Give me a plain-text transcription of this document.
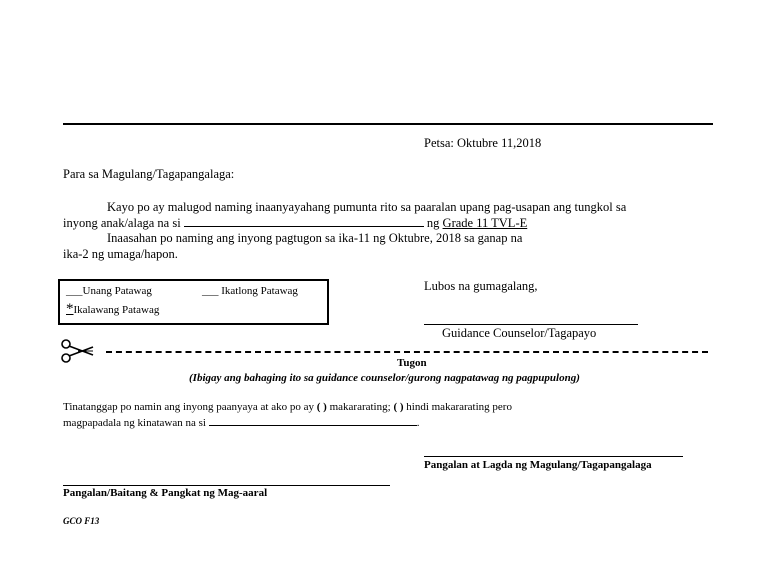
Petsa: Oktubre 11,2018
Para sa Magulang/Tagapangalaga:
Kayo po ay malugod naming inaanyayahang pumunta rito sa paaralan upang pag-usapan ang tungkol sa
inyong anak/alaga na si	ng Grade 11 TVL-E
Inaasahan po naming ang inyong pagtugon sa ika-11 ng Oktubre, 2018 sa ganap na
ika-2 ng umaga/hapon.
___Unang Patawag	___ Ikatlong Patawag
*Ikalawang Patawag
Lubos na gumagalang,
Guidance Counselor/Tagapayo
Tugon
(Ibigay ang bahaging ito sa guidance counselor/gurong nagpatawag ng pagpupulong)
Tinatanggap po namin ang inyong paanyaya at ako po ay ( ) makararating; ( ) hindi makararating pero
magpapadala ng kinatawan na si	.
Pangalan at Lagda ng Magulang/Tagapangalaga
Pangalan/Baitang & Pangkat ng Mag-aaral
GCO F13
